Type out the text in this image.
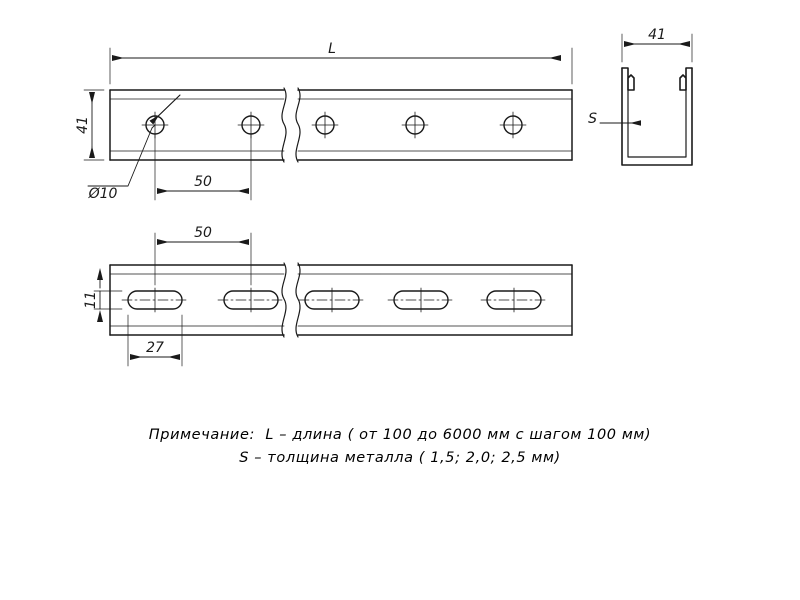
L
41
50
Ø10
41
S
50
11
27
Примечание:  L – длина ( от 100 до 6000 мм с шагом 100 мм)
S – толщина металла ( 1,5; 2,0; 2,5 мм)
